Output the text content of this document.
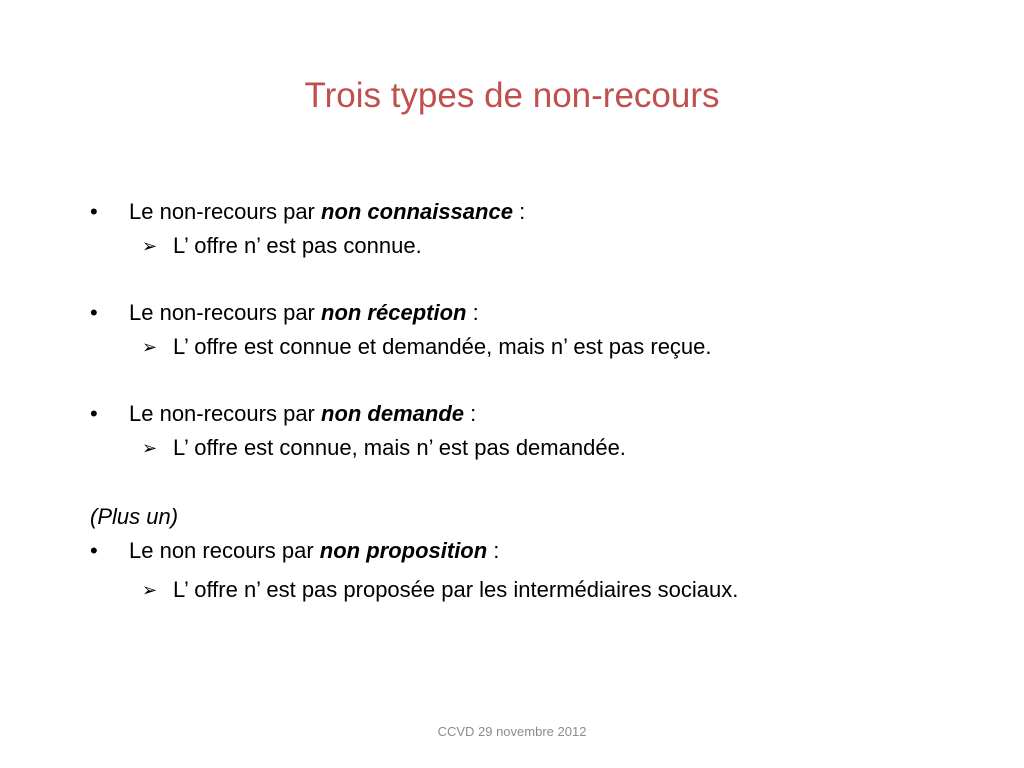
Trois types de non-recours
•	Le non-recours par non connaissance :
➢ L’ offre n’ est pas connue.
•	Le non-recours par non réception :
➢ L’ offre est connue et demandée, mais n’ est pas reçue.
•	Le non-recours par non demande :
➢ L’ offre est connue, mais n’ est pas demandée.
(Plus un)
•	Le non recours par non proposition :
➢ L’ offre n’ est pas proposée par les intermédiaires sociaux.
CCVD 29 novembre 2012
